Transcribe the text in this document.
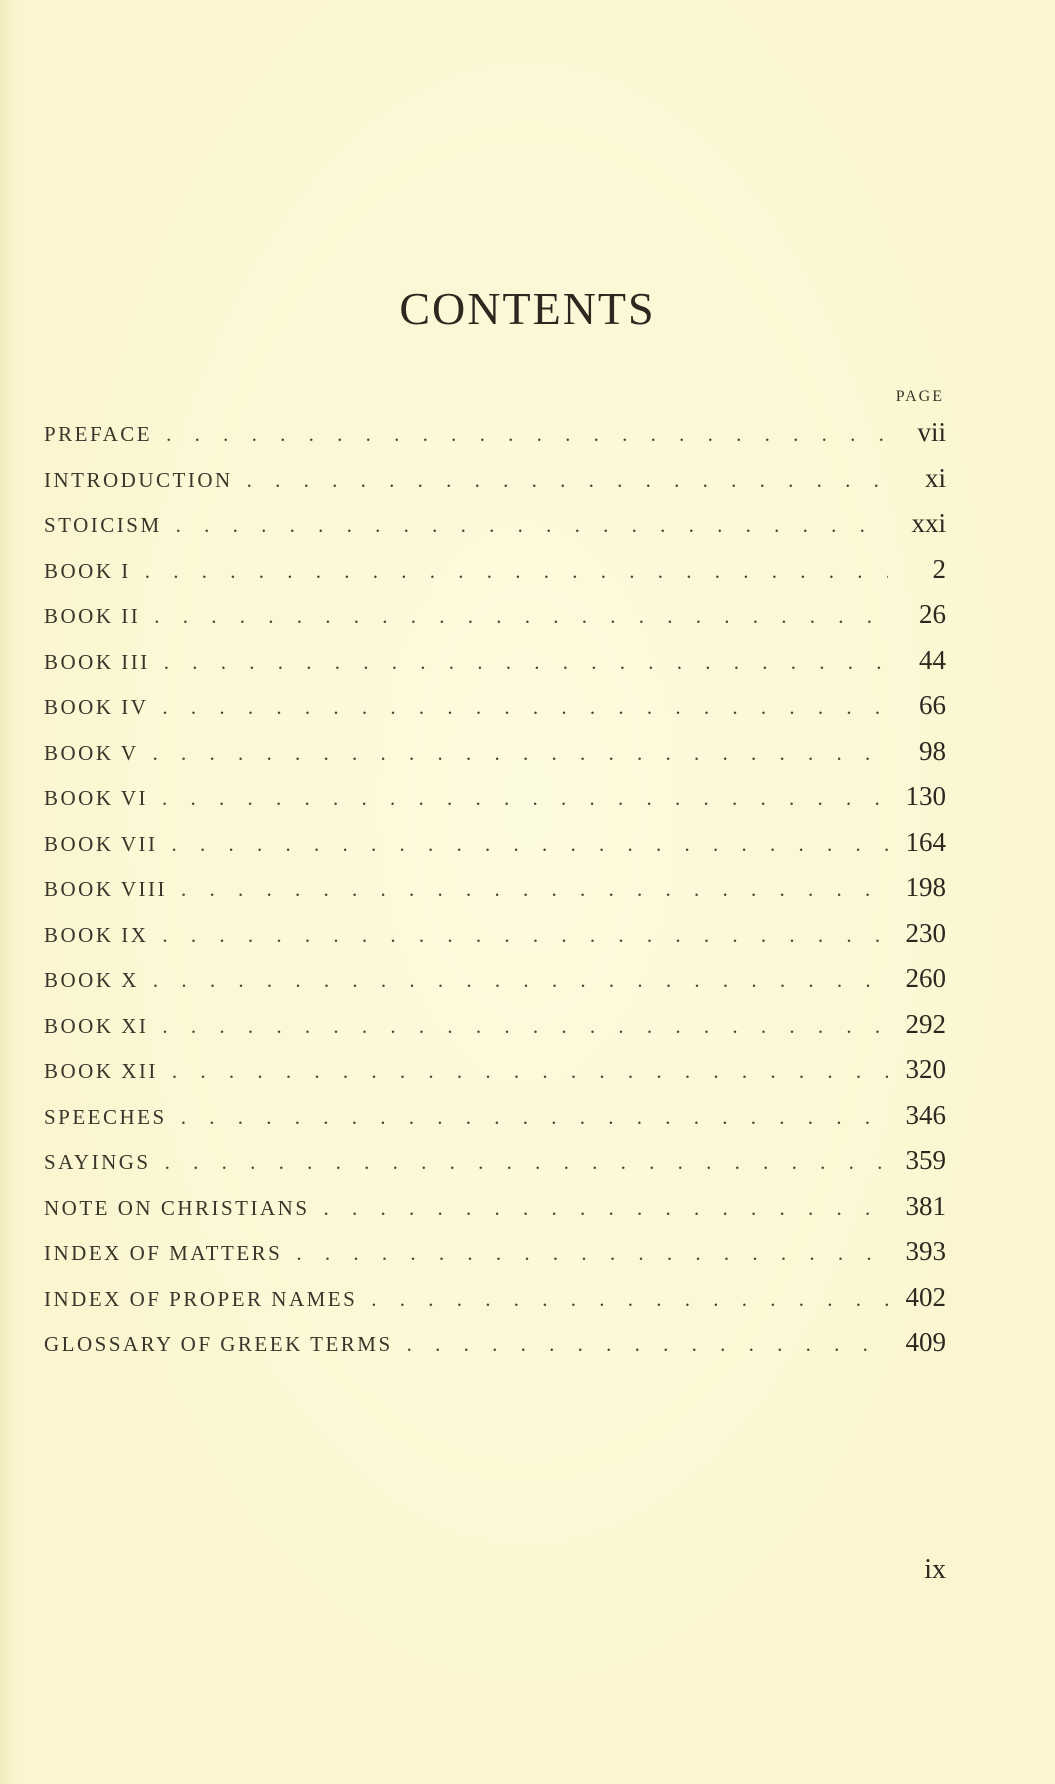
CONTENTS
PAGE
PREFACE . . .	vii
INTRODUCTION . . .	xi
STOICISM . . .	xxi
BOOK I . . .	2
BOOK II . . .	26
BOOK III . . .	44
BOOK IV . . .	66
BOOK V . . .	98
BOOK VI . . .	130
BOOK VII . . .	164
BOOK VIII . . .	198
BOOK IX . . .	230
BOOK X . . .	260
BOOK XI . . .	292
BOOK XII . . .	320
SPEECHES . . .	346
SAYINGS . . .	359
NOTE ON CHRISTIANS . . .	381
INDEX OF MATTERS . . .	393
INDEX OF PROPER NAMES . . .	402
GLOSSARY OF GREEK TERMS . . .	409
ix
